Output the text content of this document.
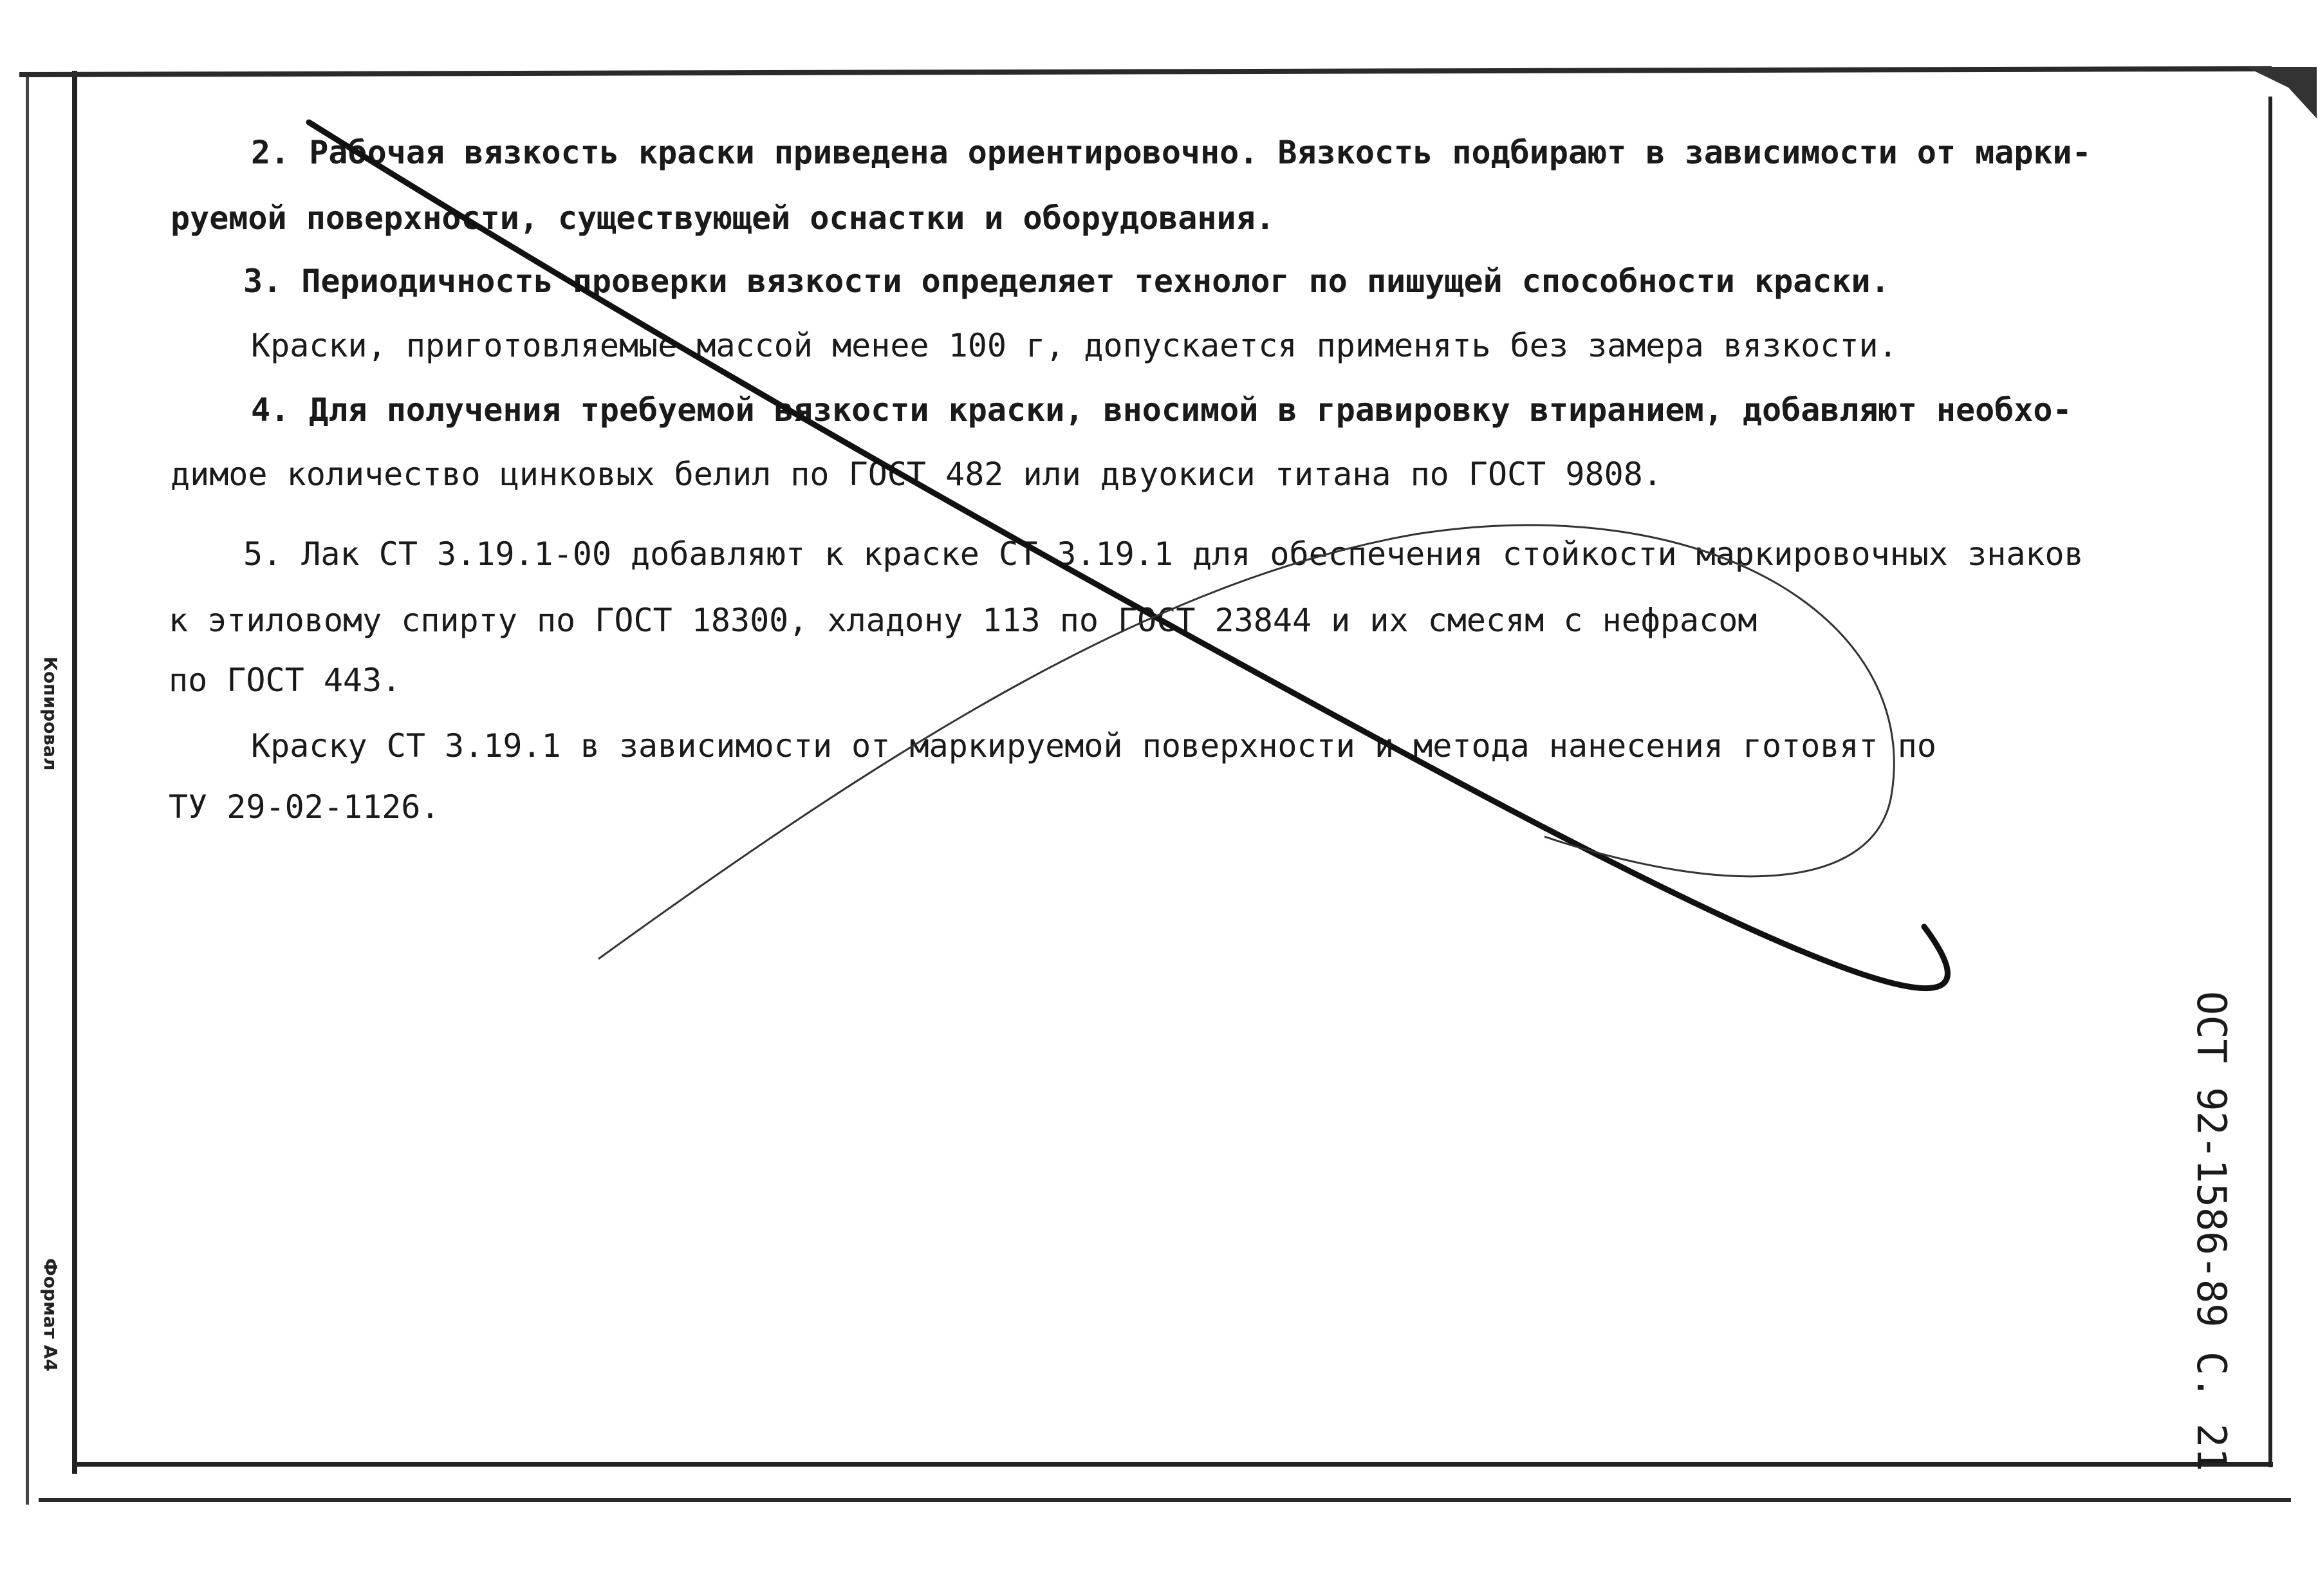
Копировал
Формат А4
2. Рабочая вязкость краски приведена ориентировочно. Вязкость подбирают в зависимости от марки-
руемой поверхности, существующей оснастки и оборудования.
3. Периодичность проверки вязкости определяет технолог по пишущей способности краски.
Краски, приготовляемые массой менее 100 г, допускается применять без замера вязкости.
4. Для получения требуемой вязкости краски, вносимой в гравировку втиранием, добавляют необхо-
димое количество цинковых белил по ГОСТ 482 или двуокиси титана по ГОСТ 9808.
5. Лак СТ 3.19.1-00 добавляют к краске СТ 3.19.1 для обеспечения стойкости маркировочных знаков
к этиловому спирту по ГОСТ 18300, хладону 113 по ГОСТ 23844 и их смесям с нефрасом
по ГОСТ 443.
Краску СТ 3.19.1 в зависимости от маркируемой поверхности и метода нанесения готовят по
ТУ 29-02-1126.
ОСТ 92-1586-89 С. 21
